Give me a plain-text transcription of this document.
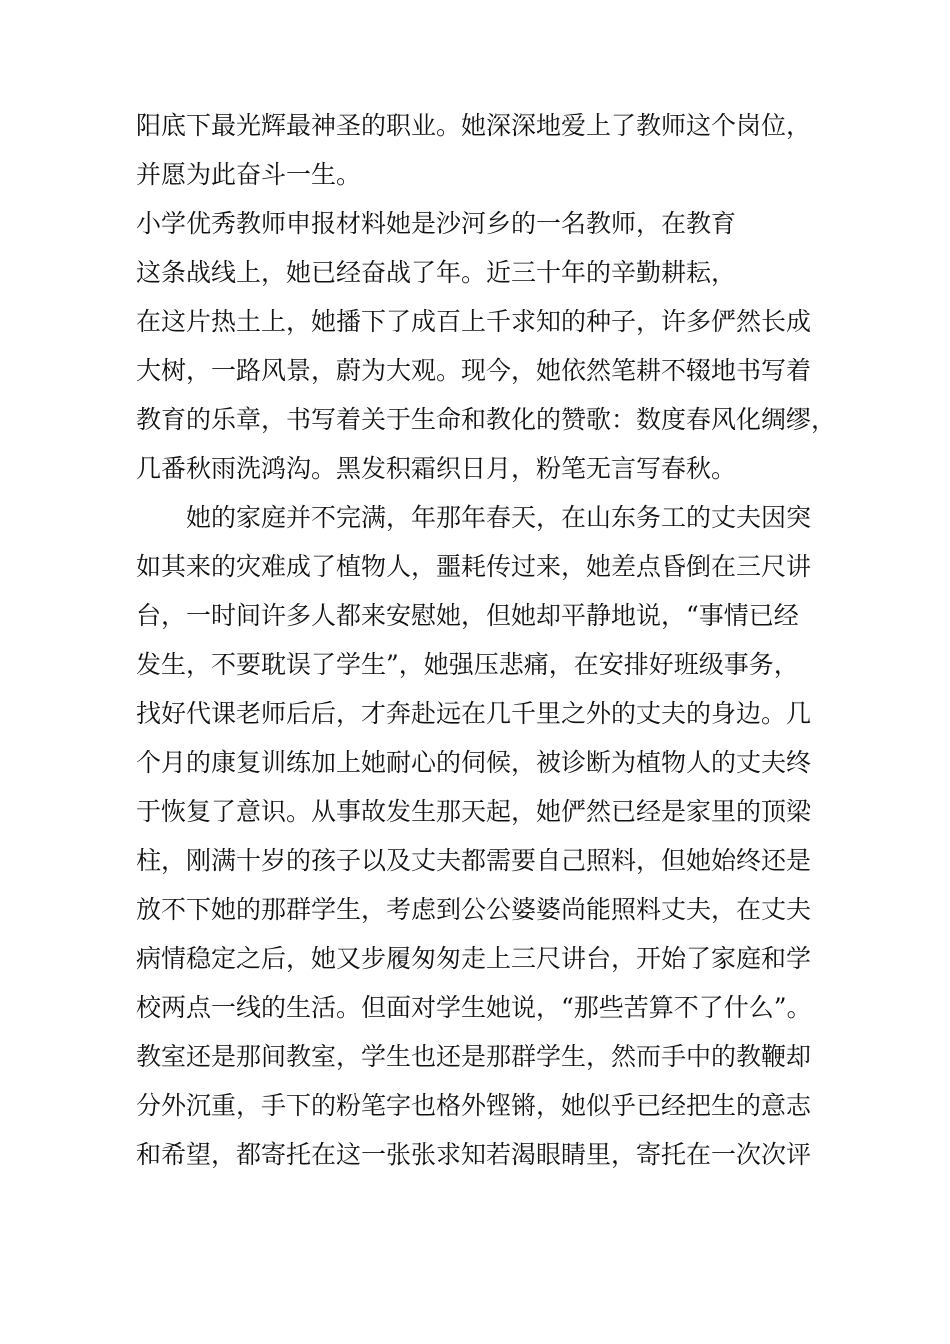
阳底下最光辉最神圣的职业。她深深地爱上了教师这个岗位，
并愿为此奋斗一生。
小学优秀教师申报材料她是沙河乡的一名教师，在教育
这条战线上，她已经奋战了年。近三十年的辛勤耕耘，
在这片热土上，她播下了成百上千求知的种子，许多俨然长成
大树，一路风景，蔚为大观。现今，她依然笔耕不辍地书写着
教育的乐章，书写着关于生命和教化的赞歌：数度春风化绸缪，
几番秋雨洗鸿沟。黑发积霜织日月，粉笔无言写春秋。
　　她的家庭并不完满，年那年春天，在山东务工的丈夫因突
如其来的灾难成了植物人，噩耗传过来，她差点昏倒在三尺讲
台，一时间许多人都来安慰她，但她却平静地说，“事情已经
发生，不要耽误了学生”，她强压悲痛，在安排好班级事务，
找好代课老师后后，才奔赴远在几千里之外的丈夫的身边。几
个月的康复训练加上她耐心的伺候，被诊断为植物人的丈夫终
于恢复了意识。从事故发生那天起，她俨然已经是家里的顶梁
柱，刚满十岁的孩子以及丈夫都需要自己照料，但她始终还是
放不下她的那群学生，考虑到公公婆婆尚能照料丈夫，在丈夫
病情稳定之后，她又步履匆匆走上三尺讲台，开始了家庭和学
校两点一线的生活。但面对学生她说，“那些苦算不了什么”。
教室还是那间教室，学生也还是那群学生，然而手中的教鞭却
分外沉重，手下的粉笔字也格外铿锵，她似乎已经把生的意志
和希望，都寄托在这一张张求知若渴眼睛里，寄托在一次次评
